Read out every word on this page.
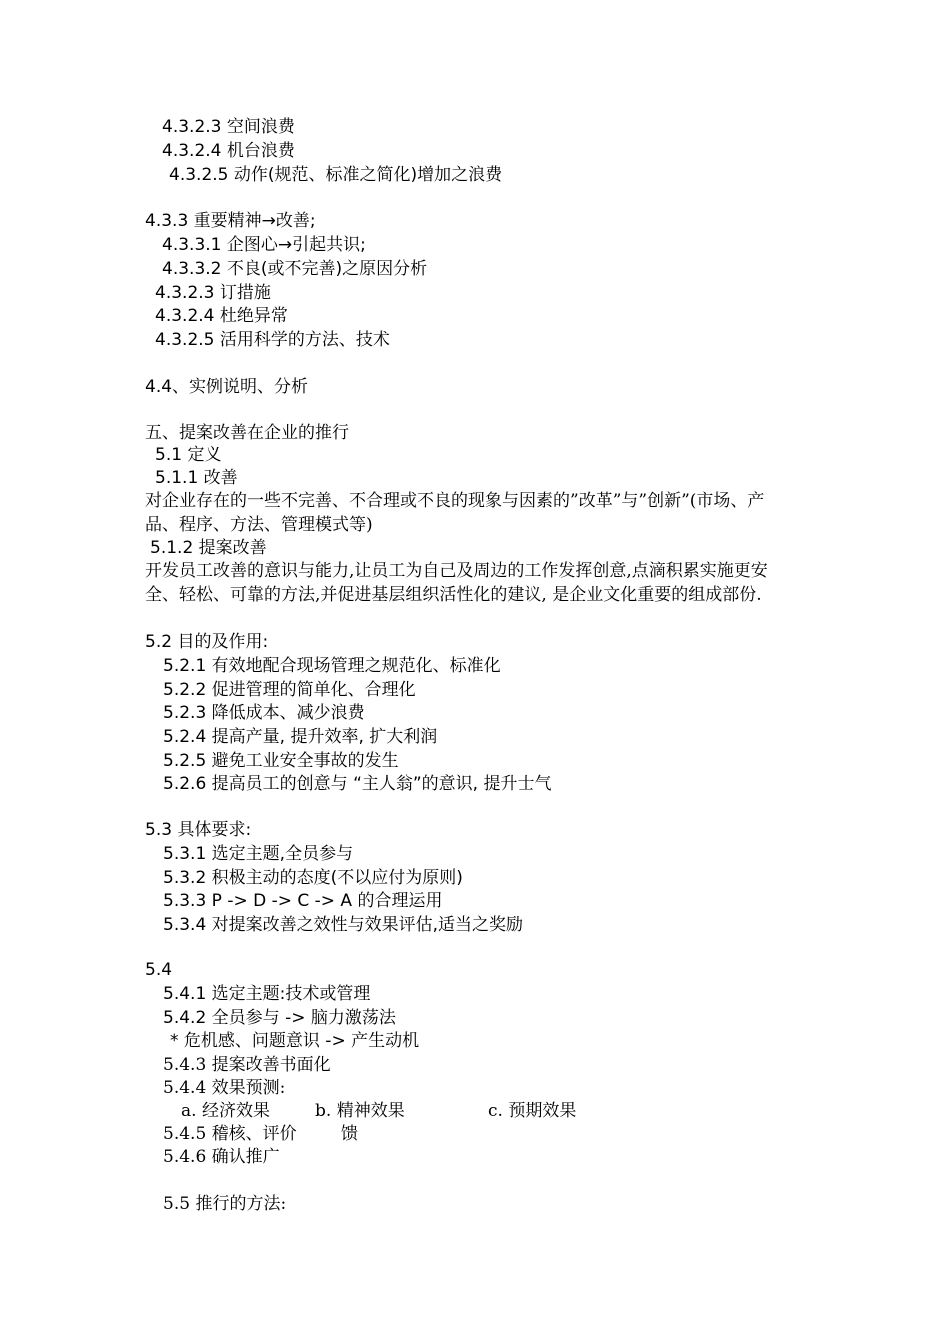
4.3.2.3 空间浪费
4.3.2.4 机台浪费
4.3.2.5 动作(规范、标准之简化)增加之浪费
4.3.3 重要精神→改善;
4.3.3.1 企图心→引起共识;
4.3.3.2 不良(或不完善)之原因分析
4.3.2.3 订措施
4.3.2.4 杜绝异常
4.3.2.5 活用科学的方法、技术
4.4、实例说明、分析
五、提案改善在企业的推行
5.1 定义
5.1.1 改善
对企业存在的一些不完善、不合理或不良的现象与因素的”改革”与”创新”(市场、产品、程序、方法、管理模式等)
5.1.2 提案改善
开发员工改善的意识与能力,让员工为自己及周边的工作发挥创意,点滴积累实施更安全、轻松、可靠的方法,并促进基层组织活性化的建议, 是企业文化重要的组成部份.
5.2 目的及作用:
5.2.1 有效地配合现场管理之规范化、标准化
5.2.2 促进管理的简单化、合理化
5.2.3 降低成本、减少浪费
5.2.4 提高产量, 提升效率, 扩大利润
5.2.5 避免工业安全事故的发生
5.2.6 提高员工的创意与 “主人翁”的意识, 提升士气
5.3 具体要求:
5.3.1 选定主题,全员参与
5.3.2 积极主动的态度(不以应付为原则)
5.3.3 P -> D -> C -> A 的合理运用
5.3.4 对提案改善之效性与效果评估,适当之奖励
5.4
5.4.1 选定主题:技术或管理
5.4.2 全员参与 -> 脑力激荡法
* 危机感、问题意识 -> 产生动机
5.4.3 提案改善书面化
5.4.4 效果预测:
a. 经济效果	b. 精神效果	c. 预期效果
5.4.5 稽核、评价	馈
5.4.6 确认推广
5.5 推行的方法:
